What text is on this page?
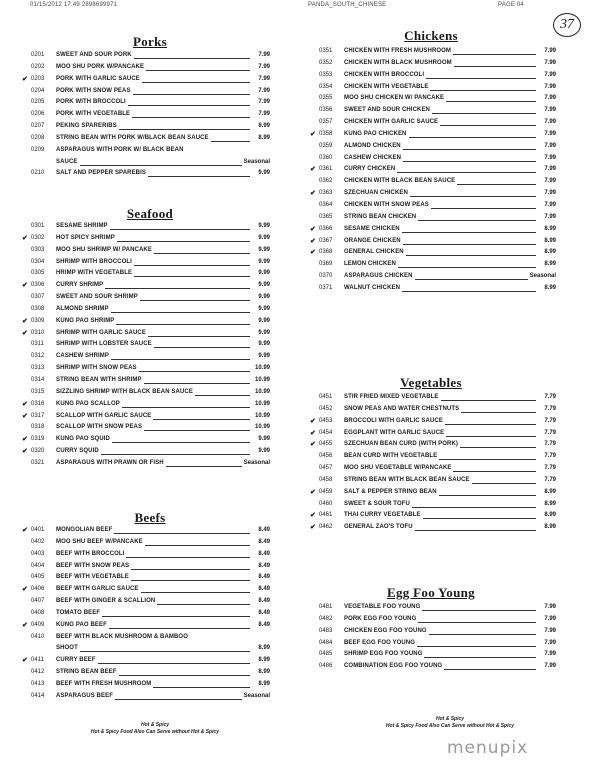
01/15/2012 17:49 2898699971	PANDA_SOUTH_CHINESE	PAGE 04
37
Porks
0201	SWEET AND SOUR PORK	7.99
0202	MOO SHU PORK W/PANCAKE	7.99
✔ 0203	PORK WITH GARLIC SAUCE	7.99
0204	PORK WITH SNOW PEAS	7.99
0205	PORK WITH BROCCOLI	7.99
0206	PORK WITH VEGETABLE	7.99
0207	PEKING SPARERIBS	8.99
0208	STRING BEAN WITH PORK W/BLACK BEAN SAUCE	8.99
0209	ASPARAGUS WITH PORK W/ BLACK BEAN
SAUCE	Seasonal
0210	SALT AND PEPPER SPAREBIS	9.99
Seafood
0301	SESAME SHRIMP	9.99
✔ 0302	HOT SPICY SHRIMP	9.99
0303	MOO SHU SHRIMP W/ PANCAKE	9.99
0304	SHRIMP WITH BROCCOLI	9.99
0305	HRIMP WITH VEGETABLE	9.99
✔ 0306	CURRY SHRIMP	9.99
0307	SWEET AND SOUR SHRIMP	9.99
0308	ALMOND SHRIMP	9.99
✔ 0309	KUNG PAO SHRIMP	9.99
✔ 0310	SHRIMP WITH GARLIC SAUCE	9.99
0311	SHRIMP WITH LOBSTER SAUCE	9.99
0312	CASHEW SHRIMP	9.99
0313	SHRIMP WITH SNOW PEAS	10.99
0314	STRING BEAN WITH SHRIMP	10.99
0315	SIZZLING SHRIMP WITH BLACK BEAN SAUCE	10.99
✔ 0316	KUNG PAO SCALLOP	10.99
✔ 0317	SCALLOP WITH GARLIC SAUCE	10.99
0318	SCALLOP WITH SNOW PEAS	10.99
✔ 0319	KUNG PAO SQUID	9.99
✔ 0320	CURRY SQUID	9.99
0321	ASPARAGUS WITH PRAWN OR FISH	Seasonal
Beefs
✔ 0401	MONGOLIAN BEEF	8.49
0402	MOO SHU BEEF W/PANCAKE	8.49
0403	BEEF WITH BROCCOLI	8.49
0404	BEEF WITH SNOW PEAS	8.49
0405	BEEF WITH VEGETABLE	8.49
✔ 0406	BEEF WITH GARLIC SAUCE	8.49
0407	BEEF WITH GINGER & SCALLION	8.49
0408	TOMATO BEEF	8.49
✔ 0409	KUNG PAO BEEF	8.49
0410	BEEF WITH BLACK MUSHROOM & BAMBOO
SHOOT	8.99
✔ 0411	CURRY BEEF	8.99
0412	STRING BEAN BEEF	8.99
0413	BEEF WITH FRESH MUSHROOM	8.99
0414	ASPARAGUS BEEF	Seasonal
Chickens
0351	CHICKEN WITH FRESH MUSHROOM	7.99
0352	CHICKEN WITH BLACK MUSHROOM	7.99
0353	CHICKEN WITH BROCCOLI	7.99
0354	CHICKEN WITH VEGETABLE	7.99
0355	MOO SHU CHICKEN W/ PANCAKE	7.99
0356	SWEET AND SOUR CHICKEN	7.99
0357	CHICKEN WITH GARLIC SAUCE	7.99
✔ 0358	KUNG PAO CHICKEN	7.99
0359	ALMOND CHICKEN	7.99
0360	CASHEW CHICKEN	7.99
✔ 0361	CURRY CHICKEN	7.99
0362	CHICKEN WITH BLACK BEAN SAUCE	7.99
✔ 0363	SZECHUAN CHICKEN	7.99
0364	CHICKEN WITH SNOW PEAS	7.99
0365	STRING BEAN CHICKEN	7.99
✔ 0366	SESAME CHICKEN	8.99
✔ 0367	ORANGE CHICKEN	8.99
✔ 0368	GENERAL CHICKEN	8.99
0369	LEMON CHICKEN	8.99
0370	ASPARAGUS CHICKEN	Seasonal
0371	WALNUT CHICKEN	8.99
Vegetables
0451	STIR FRIED MIXED VEGETABLE	7.79
0452	SNOW PEAS AND WATER CHESTNUTS	7.79
✔ 0453	BROCCOLI WITH GARLIC SAUCE	7.79
✔ 0454	EGGPLANT WITH GARLIC SAUCE	7.79
✔ 0455	SZECHUAN BEAN CURD (WITH PORK)	7.79
0456	BEAN CURD WITH VEGETABLE	7.79
0457	MOO SHU VEGETABLE W/PANCAKE	7.79
0458	STRING BEAN WITH BLACK BEAN SAUCE	7.79
✔ 0459	SALT & PEPPER STRING BEAN	8.99
0460	SWEET & SOUR TOFU	8.99
✔ 0461	THAI CURRY VEGETABLE	8.99
✔ 0462	GENERAL ZAO'S TOFU	8.99
Egg Foo Young
0481	VEGETABLE FOO YOUNG	7.99
0482	PORK EGG FOO YOUNG	7.99
0483	CHICKEN EGG FOO YOUNG	7.99
0484	BEEF EGG FOO YOUNG	7.99
0485	SHRIMP EGG FOO YOUNG	7.99
0486	COMBINATION EGG FOO YOUNG	7.99
Hot & Spicy
Hot & Spicy Food Also Can Serve without Hot & Spicy
Hot & Spicy
Hot & Spicy Food Also Can Serve without Hot & Spicy
menupix
